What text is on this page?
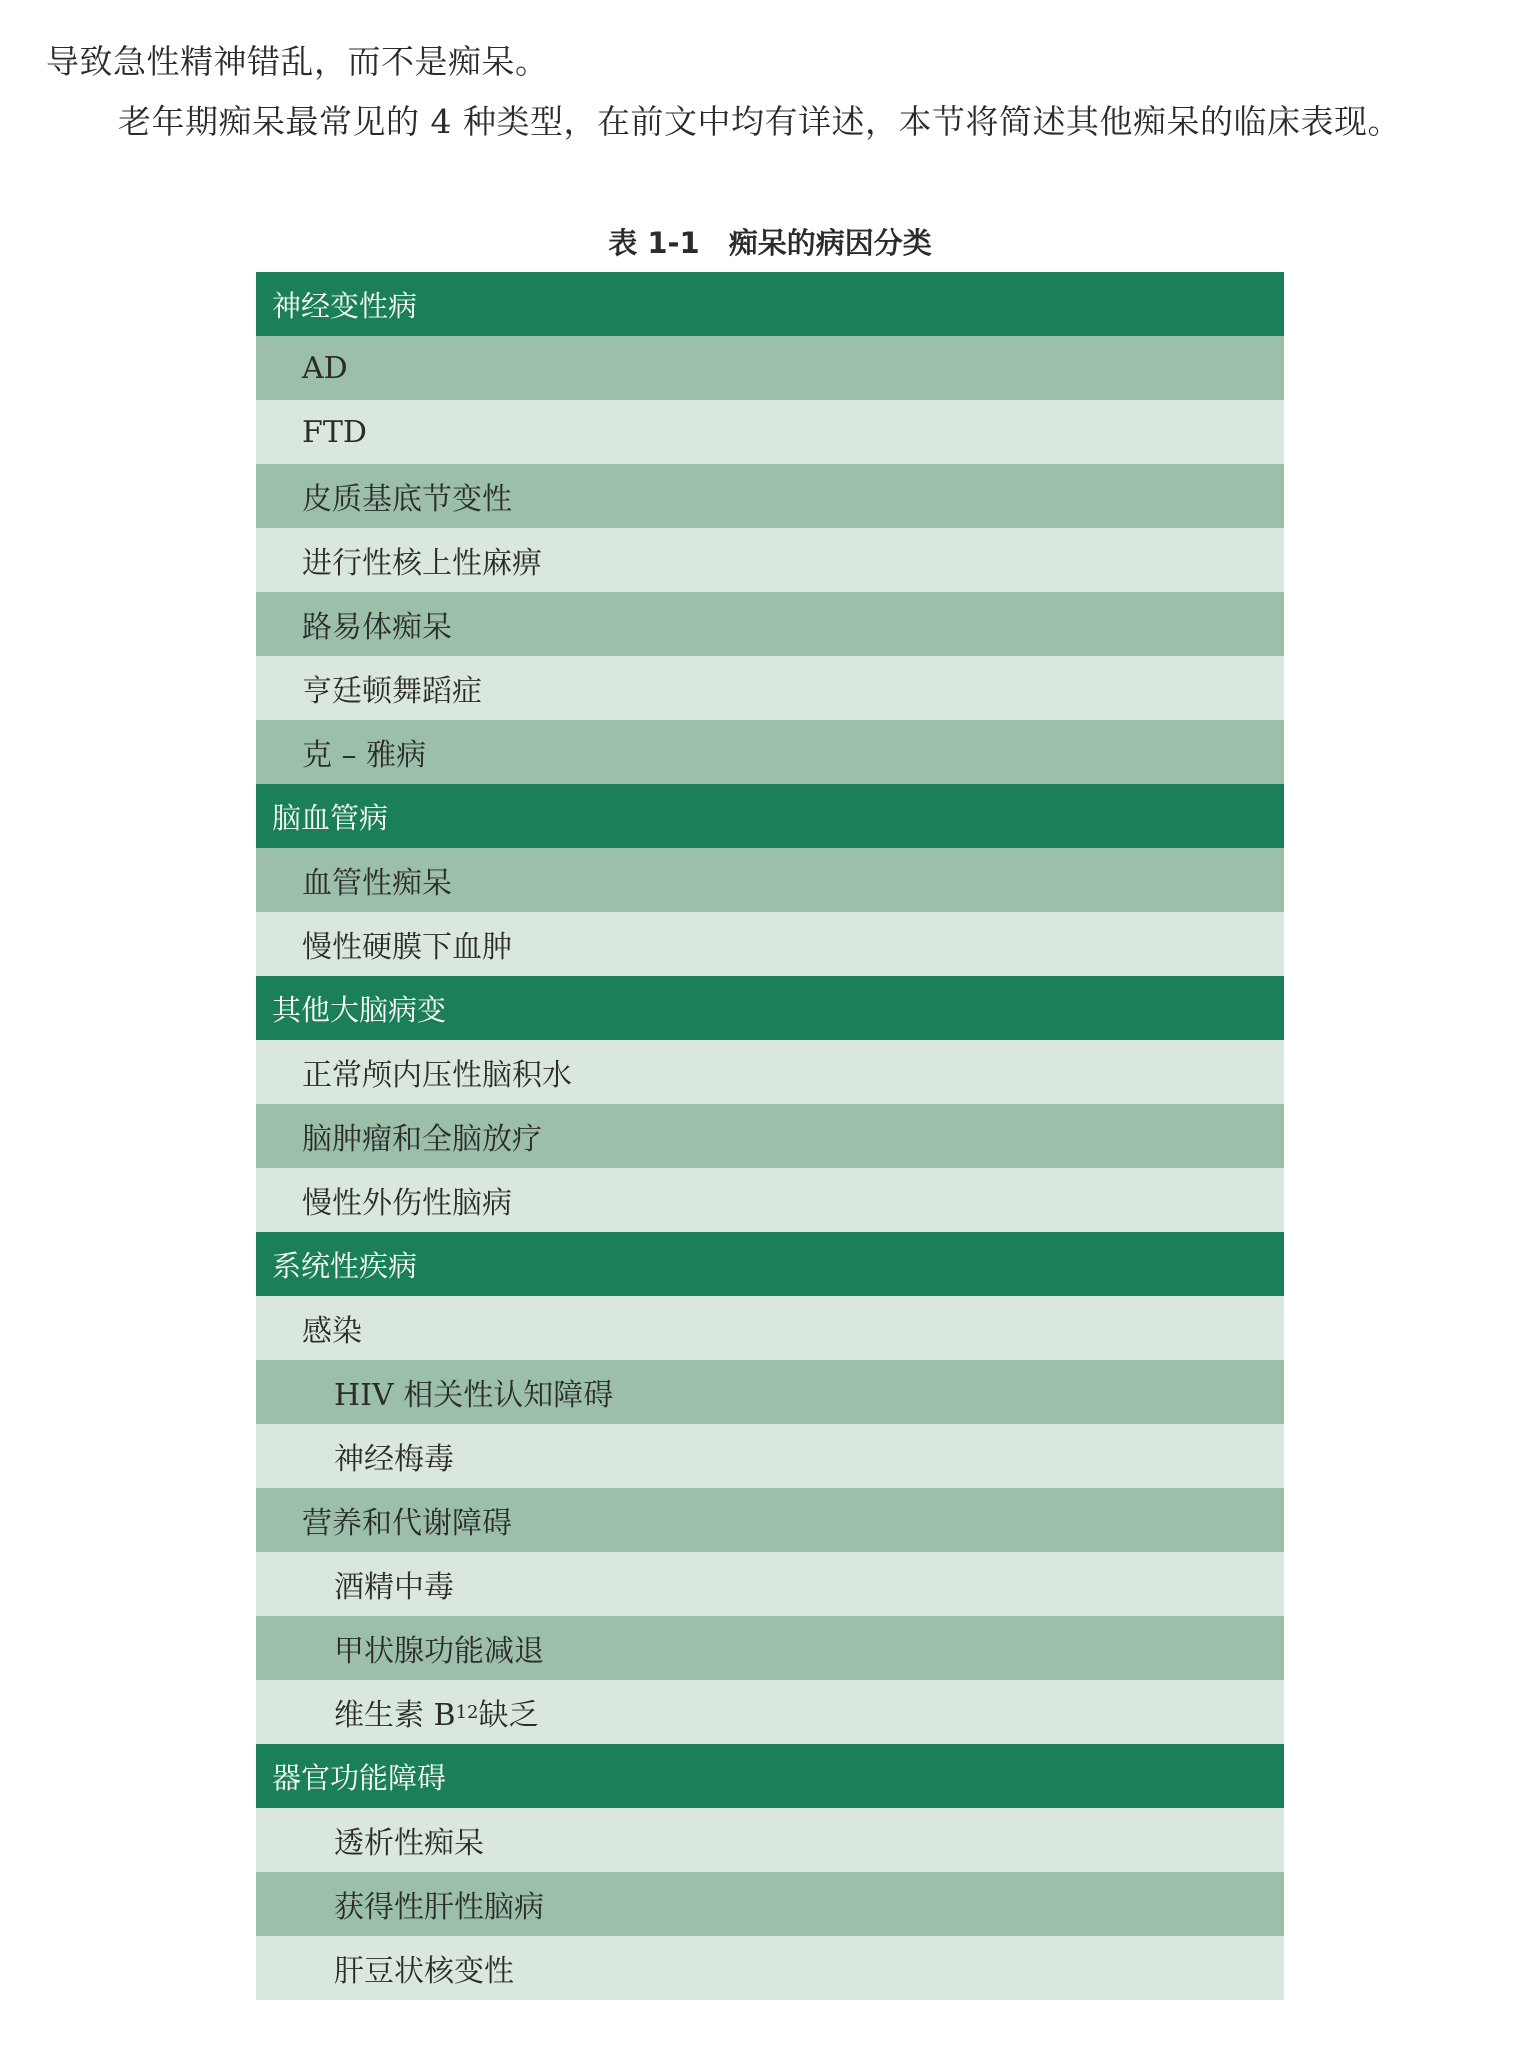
导致急性精神错乱，而不是痴呆。
老年期痴呆最常见的 4 种类型，在前文中均有详述，本节将简述其他痴呆的临床表现。
表 1-1　痴呆的病因分类
神经变性病
AD
FTD
皮质基底节变性
进行性核上性麻痹
路易体痴呆
亨廷顿舞蹈症
克 – 雅病
脑血管病
血管性痴呆
慢性硬膜下血肿
其他大脑病变
正常颅内压性脑积水
脑肿瘤和全脑放疗
慢性外伤性脑病
系统性疾病
感染
HIV 相关性认知障碍
神经梅毒
营养和代谢障碍
酒精中毒
甲状腺功能减退
维生素 B 12 缺乏
器官功能障碍
透析性痴呆
获得性肝性脑病
肝豆状核变性
